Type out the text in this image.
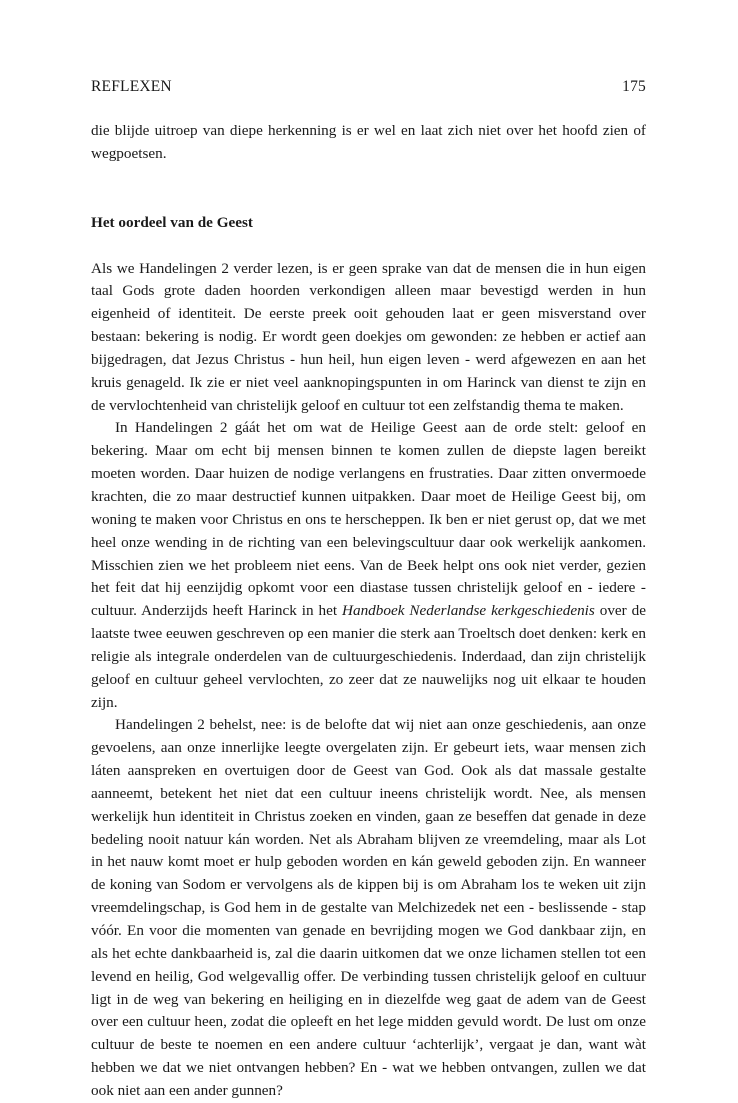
REFLEXEN	175

die blijde uitroep van diepe herkenning is er wel en laat zich niet over het hoofd zien of wegpoetsen.

Het oordeel van de Geest

Als we Handelingen 2 verder lezen, is er geen sprake van dat de mensen die in hun eigen taal Gods grote daden hoorden verkondigen alleen maar bevestigd werden in hun eigenheid of identiteit. De eerste preek ooit gehouden laat er geen misverstand over bestaan: bekering is nodig. Er wordt geen doekjes om gewonden: ze hebben er actief aan bijgedragen, dat Jezus Christus - hun heil, hun eigen leven - werd afgewezen en aan het kruis genageld. Ik zie er niet veel aanknopingspunten in om Harinck van dienst te zijn en de vervlochtenheid van christelijk geloof en cultuur tot een zelfstandig thema te maken.

In Handelingen 2 gáát het om wat de Heilige Geest aan de orde stelt: geloof en bekering. Maar om echt bij mensen binnen te komen zullen de diepste lagen bereikt moeten worden. Daar huizen de nodige verlangens en frustraties. Daar zitten onvermoede krachten, die zo maar destructief kunnen uitpakken. Daar moet de Heilige Geest bij, om woning te maken voor Christus en ons te herscheppen. Ik ben er niet gerust op, dat we met heel onze wending in de richting van een belevingscultuur daar ook werkelijk aankomen. Misschien zien we het probleem niet eens. Van de Beek helpt ons ook niet verder, gezien het feit dat hij eenzijdig opkomt voor een diastase tussen christelijk geloof en - iedere - cultuur. Anderzijds heeft Harinck in het Handboek Nederlandse kerkgeschiedenis over de laatste twee eeuwen geschreven op een manier die sterk aan Troeltsch doet denken: kerk en religie als integrale onderdelen van de cultuurgeschiedenis. Inderdaad, dan zijn christelijk geloof en cultuur geheel vervlochten, zo zeer dat ze nauwelijks nog uit elkaar te houden zijn.

Handelingen 2 behelst, nee: is de belofte dat wij niet aan onze geschiedenis, aan onze gevoelens, aan onze innerlijke leegte overgelaten zijn. Er gebeurt iets, waar mensen zich láten aanspreken en overtuigen door de Geest van God. Ook als dat massale gestalte aanneemt, betekent het niet dat een cultuur ineens christelijk wordt. Nee, als mensen werkelijk hun identiteit in Christus zoeken en vinden, gaan ze beseffen dat genade in deze bedeling nooit natuur kán worden. Net als Abraham blijven ze vreemdeling, maar als Lot in het nauw komt moet er hulp geboden worden en kán geweld geboden zijn. En wanneer de koning van Sodom er vervolgens als de kippen bij is om Abraham los te weken uit zijn vreemdelingschap, is God hem in de gestalte van Melchizedek net een - beslissende - stap vóór. En voor die momenten van genade en bevrijding mogen we God dankbaar zijn, en als het echte dankbaarheid is, zal die daarin uitkomen dat we onze lichamen stellen tot een levend en heilig, God welgevallig offer. De verbinding tussen christelijk geloof en cultuur ligt in de weg van bekering en heiliging en in diezelfde weg gaat de adem van de Geest over een cultuur heen, zodat die opleeft en het lege midden gevuld wordt. De lust om onze cultuur de beste te noemen en een andere cultuur ‘achterlijk’, vergaat je dan, want wàt hebben we dat we niet ontvangen hebben? En - wat we hebben ontvangen, zullen we dat ook niet aan een ander gunnen?
